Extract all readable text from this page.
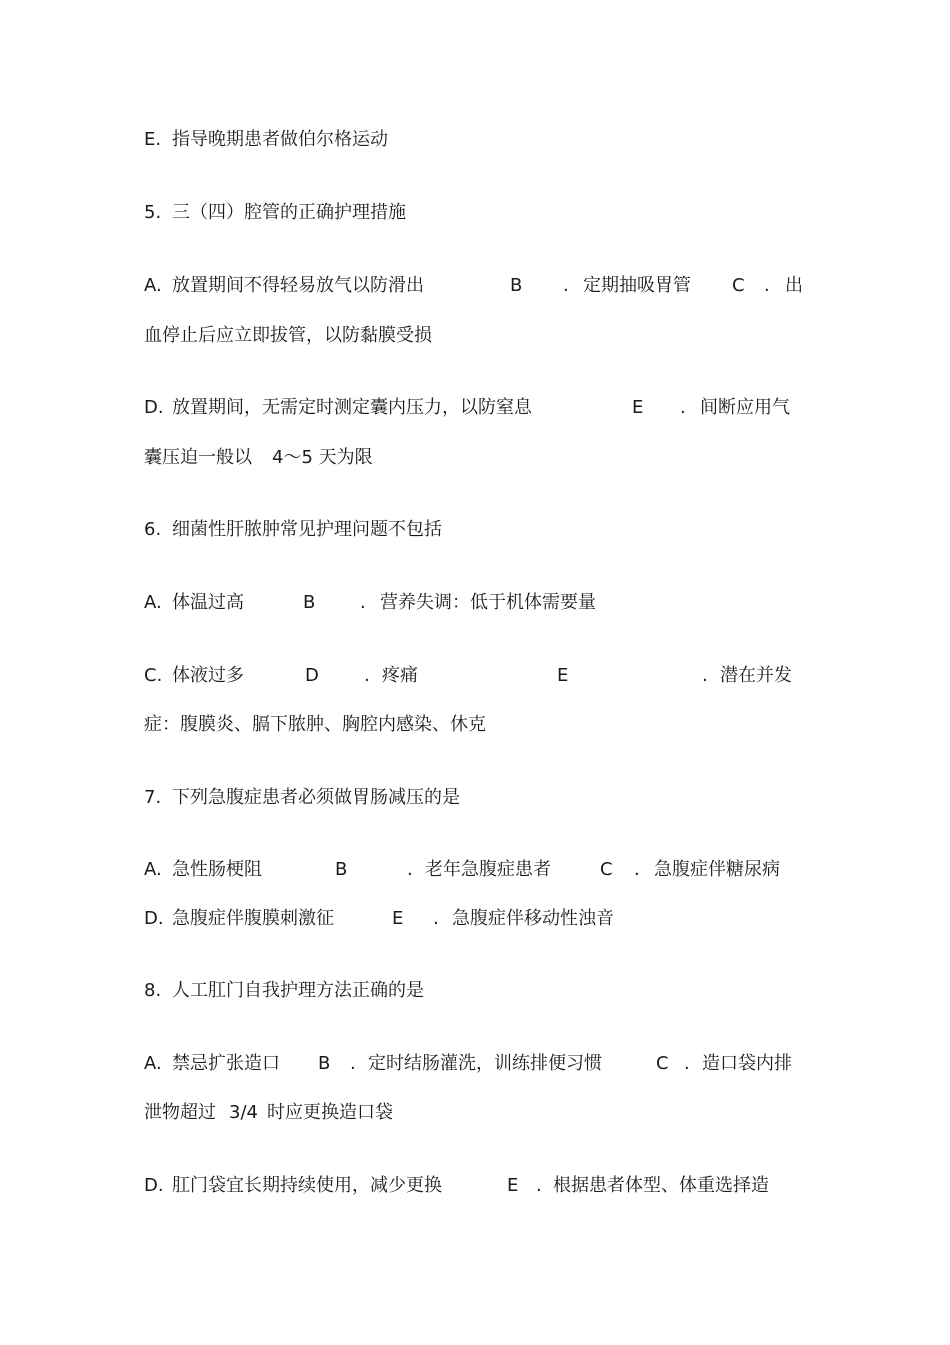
E. 指导晚期患者做伯尔格运动
5. 三（四）腔管的正确护理措施
A. 放置期间不得轻易放气以防滑出	B . 定期抽吸胃管 C . 出
血停止后应立即拔管，以防黏膜受损
D. 放置期间，无需定时测定囊内压力，以防窒息	E . 间断应用气
囊压迫一般以 4～5 天为限
6. 细菌性肝脓肿常见护理问题不包括
A. 体温过高	B . 营养失调：低于机体需要量
C. 体液过多	D	. 疼痛	E	. 潜在并发
症：腹膜炎、膈下脓肿、胸腔内感染、休克
7. 下列急腹症患者必须做胃肠减压的是
A. 急性肠梗阻	B	. 老年急腹症患者	C . 急腹症伴糖尿病
D. 急腹症伴腹膜刺激征	E . 急腹症伴移动性浊音
8. 人工肛门自我护理方法正确的是
A. 禁忌扩张造口 B . 定时结肠灌洗，训练排便习惯	C . 造口袋内排
泄物超过 3/4 时应更换造口袋
D. 肛门袋宜长期持续使用，减少更换	E . 根据患者体型、体重选择造
